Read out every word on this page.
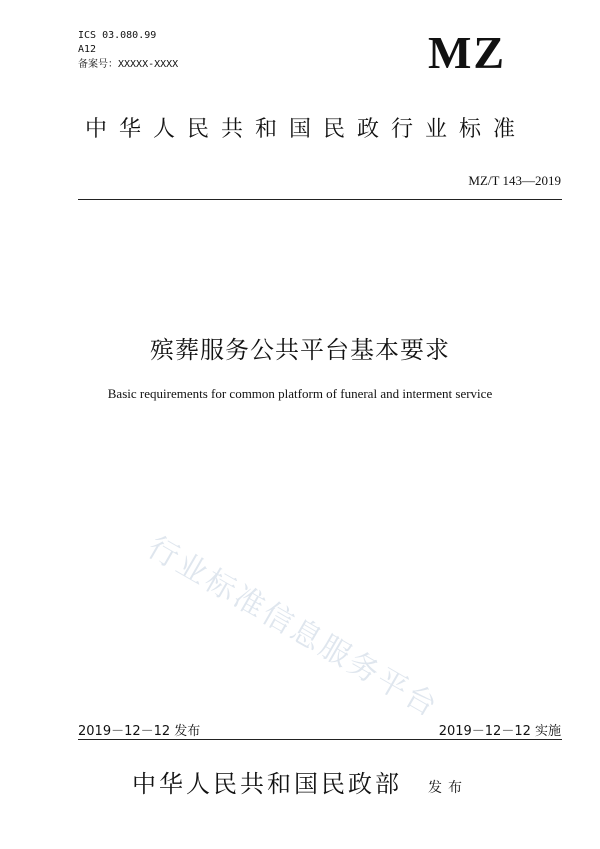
ICS 03.080.99
A12
备案号：XXXXX-XXXX	MZ
中华人民共和国民政行业标准
MZ/T 143—2019
殡葬服务公共平台基本要求
Basic requirements for common platform of funeral and interment service
行业标准信息服务平台
2019－12－12 发布	2019－12－12 实施
中华人民共和国民政部 发布
